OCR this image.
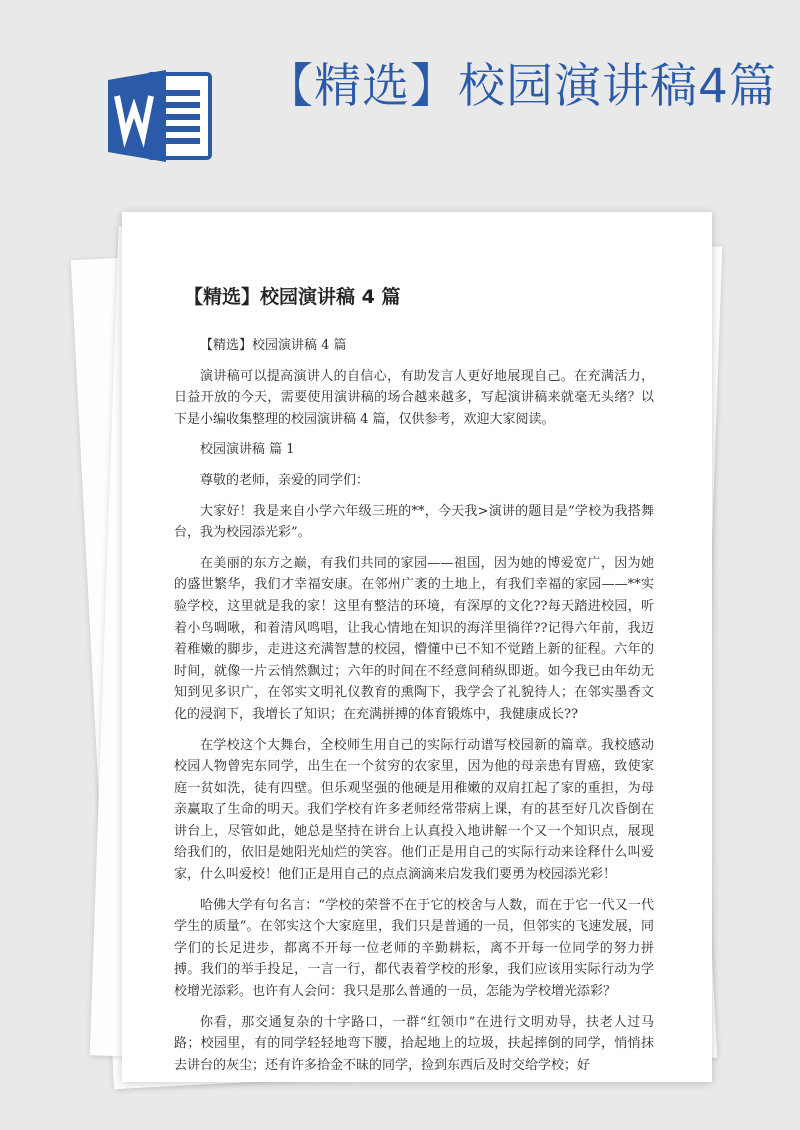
【精选】校园演讲稿4篇
【精选】校园演讲稿 4 篇

【精选】校园演讲稿 4 篇

演讲稿可以提高演讲人的自信心，有助发言人更好地展现自己。在充满活力，日益开放的今天，需要使用演讲稿的场合越来越多，写起演讲稿来就毫无头绪？以下是小编收集整理的校园演讲稿 4 篇，仅供参考，欢迎大家阅读。

校园演讲稿 篇 1

尊敬的老师，亲爱的同学们：

大家好！我是来自小学六年级三班的**，今天我>演讲的题目是“学校为我搭舞台，我为校园添光彩”。

在美丽的东方之巅，有我们共同的家园——祖国，因为她的博爱宽广，因为她的盛世繁华，我们才幸福安康。在邻州广袤的土地上，有我们幸福的家园——**实验学校，这里就是我的家！这里有整洁的环境，有深厚的文化??每天踏进校园，听着小鸟啁啾，和着清风鸣唱，让我心情地在知识的海洋里徜徉??记得六年前，我迈着稚嫩的脚步，走进这充满智慧的校园，懵懂中已不知不觉踏上新的征程。六年的时间，就像一片云悄然飘过；六年的时间在不经意间稍纵即逝。如今我已由年幼无知到见多识广，在邻实文明礼仪教育的熏陶下，我学会了礼貌待人；在邻实墨香文化的浸润下，我增长了知识；在充满拼搏的体育锻炼中，我健康成长??

在学校这个大舞台，全校师生用自己的实际行动谱写校园新的篇章。我校感动校园人物曾宪东同学，出生在一个贫穷的农家里，因为他的母亲患有胃癌，致使家庭一贫如洗，徒有四壁。但乐观坚强的他硬是用稚嫩的双肩扛起了家的重担，为母亲赢取了生命的明天。我们学校有许多老师经常带病上课，有的甚至好几次昏倒在讲台上，尽管如此，她总是坚持在讲台上认真投入地讲解一个又一个知识点，展现给我们的，依旧是她阳光灿烂的笑容。他们正是用自己的实际行动来诠释什么叫爱家，什么叫爱校！他们正是用自己的点点滴滴来启发我们要勇为校园添光彩！

哈佛大学有句名言：“学校的荣誉不在于它的校舍与人数，而在于它一代又一代学生的质量”。在邻实这个大家庭里，我们只是普通的一员，但邻实的飞速发展，同学们的长足进步，都离不开每一位老师的辛勤耕耘，离不开每一位同学的努力拼搏。我们的举手投足，一言一行，都代表着学校的形象，我们应该用实际行动为学校增光添彩。也许有人会问：我只是那么普通的一员，怎能为学校增光添彩？

你看，那交通复杂的十字路口，一群“红领巾”在进行文明劝导，扶老人过马路；校园里，有的同学轻轻地弯下腰，拾起地上的垃圾，扶起摔倒的同学，悄悄抹去讲台的灰尘；还有许多拾金不昧的同学，捡到东西后及时交给学校；好
